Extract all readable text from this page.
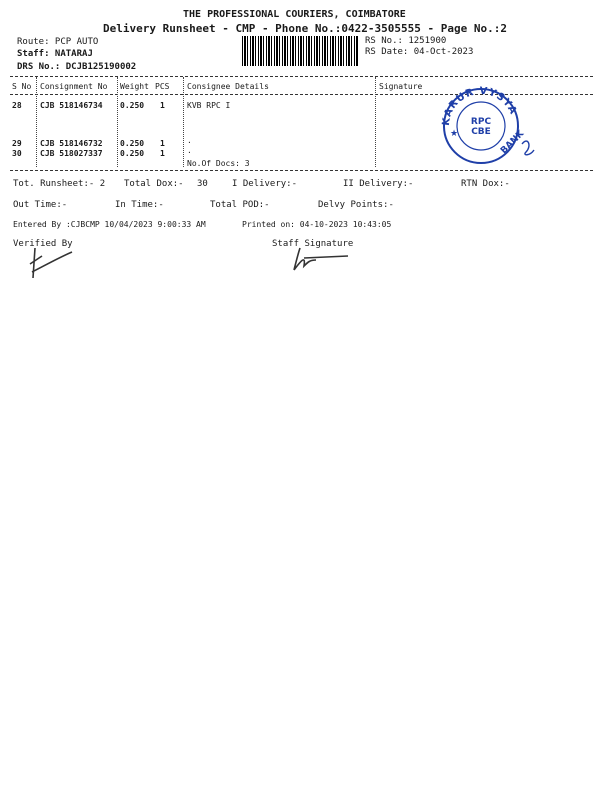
THE PROFESSIONAL COURIERS, COIMBATORE
Delivery Runsheet - CMP - Phone No.:0422-3505555 - Page No.:2
Route: PCP AUTO
Staff: NATARAJ
DRS No.: DCJB125190002
RS No.: 1251900
RS Date: 04-Oct-2023
S No Consignment No Weight PCS Consignee Details	Signature
28 CJB 518146734 0.250 1	KVB RPC I
29 CJB 518146732 0.250 1	.
30 CJB 518027337 0.250 1	.
No.Of Docs: 3
KARUR VYSYA
RPC
CBE BANK
★
Tot. Runsheet:- 2 Total Dox:- 30	I Delivery:-	II Delivery:-	RTN Dox:-
Out Time:-	In Time:-	Total POD:-	Delvy Points:-
Entered By :CJBCMP 10/04/2023 9:00:33 AM	Printed on: 04-10-2023 10:43:05
Verified By	Staff Signature
